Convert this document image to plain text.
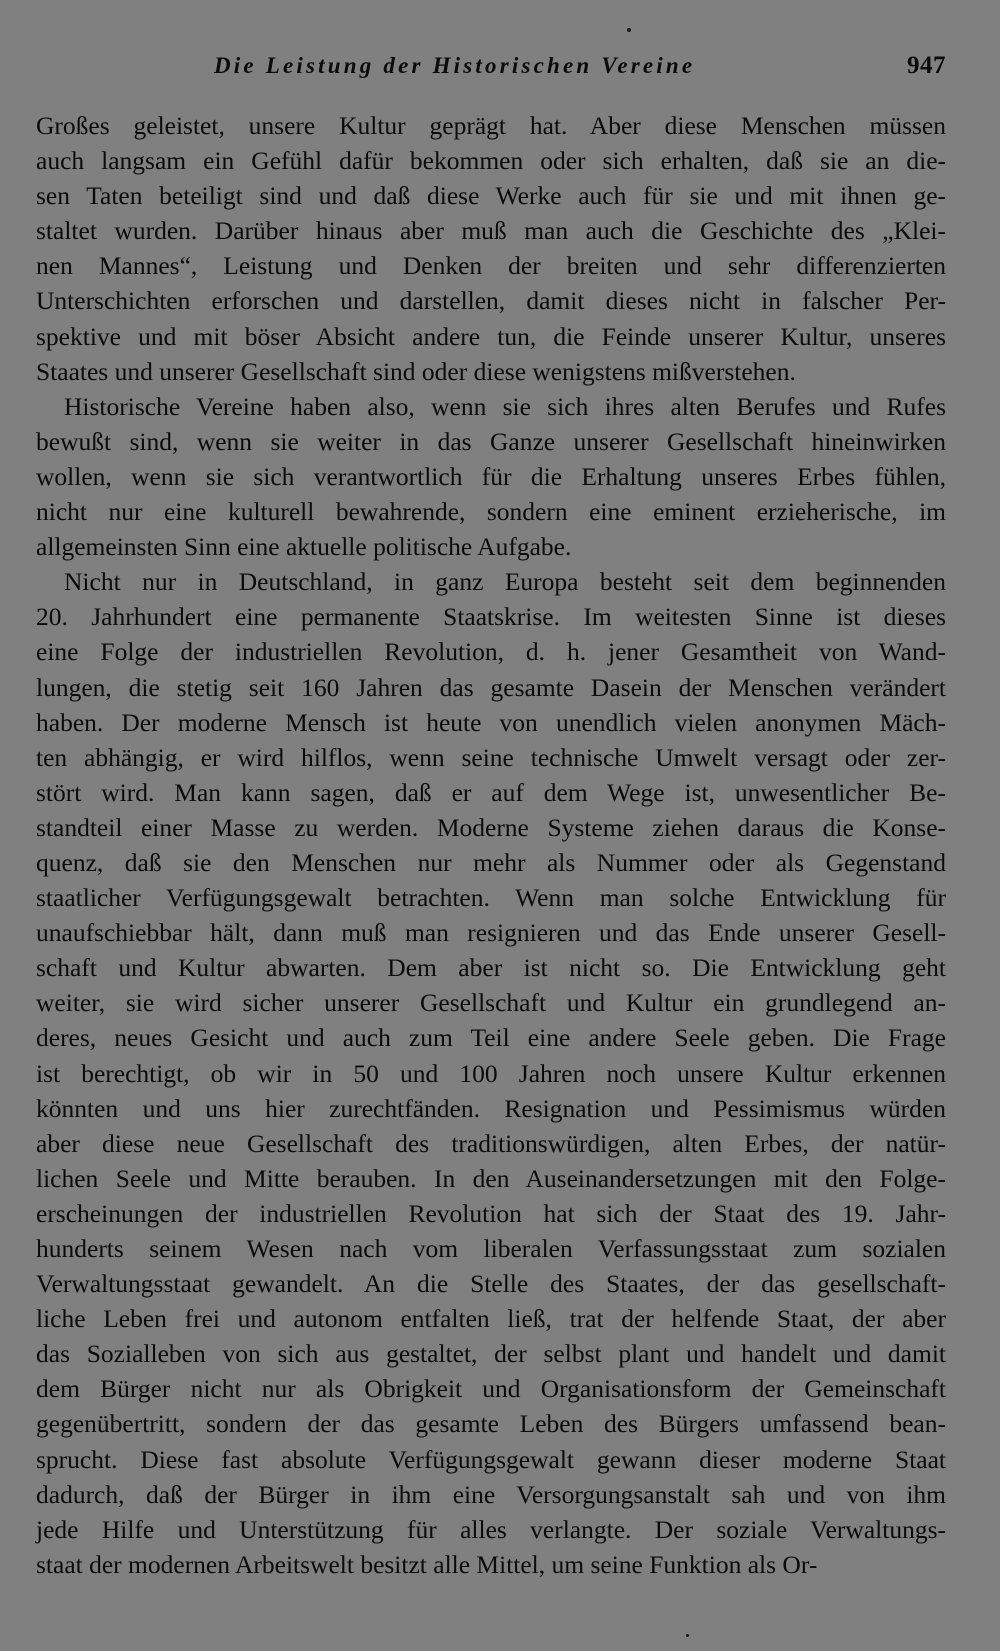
Die Leistung der Historischen Vereine	947
Großes geleistet, unsere Kultur geprägt hat. Aber diese Menschen müssen
auch langsam ein Gefühl dafür bekommen oder sich erhalten, daß sie an die-
sen Taten beteiligt sind und daß diese Werke auch für sie und mit ihnen ge-
staltet wurden. Darüber hinaus aber muß man auch die Geschichte des „Klei-
nen Mannes“, Leistung und Denken der breiten und sehr differenzierten
Unterschichten erforschen und darstellen, damit dieses nicht in falscher Per-
spektive und mit böser Absicht andere tun, die Feinde unserer Kultur, unseres
Staates und unserer Gesellschaft sind oder diese wenigstens mißverstehen.
Historische Vereine haben also, wenn sie sich ihres alten Berufes und Rufes
bewußt sind, wenn sie weiter in das Ganze unserer Gesellschaft hineinwirken
wollen, wenn sie sich verantwortlich für die Erhaltung unseres Erbes fühlen,
nicht nur eine kulturell bewahrende, sondern eine eminent erzieherische, im
allgemeinsten Sinn eine aktuelle politische Aufgabe.
Nicht nur in Deutschland, in ganz Europa besteht seit dem beginnenden
20. Jahrhundert eine permanente Staatskrise. Im weitesten Sinne ist dieses
eine Folge der industriellen Revolution, d. h. jener Gesamtheit von Wand-
lungen, die stetig seit 160 Jahren das gesamte Dasein der Menschen verändert
haben. Der moderne Mensch ist heute von unendlich vielen anonymen Mäch-
ten abhängig, er wird hilflos, wenn seine technische Umwelt versagt oder zer-
stört wird. Man kann sagen, daß er auf dem Wege ist, unwesentlicher Be-
standteil einer Masse zu werden. Moderne Systeme ziehen daraus die Konse-
quenz, daß sie den Menschen nur mehr als Nummer oder als Gegenstand
staatlicher Verfügungsgewalt betrachten. Wenn man solche Entwicklung für
unaufschiebbar hält, dann muß man resignieren und das Ende unserer Gesell-
schaft und Kultur abwarten. Dem aber ist nicht so. Die Entwicklung geht
weiter, sie wird sicher unserer Gesellschaft und Kultur ein grundlegend an-
deres, neues Gesicht und auch zum Teil eine andere Seele geben. Die Frage
ist berechtigt, ob wir in 50 und 100 Jahren noch unsere Kultur erkennen
könnten und uns hier zurechtfänden. Resignation und Pessimismus würden
aber diese neue Gesellschaft des traditionswürdigen, alten Erbes, der natür-
lichen Seele und Mitte berauben. In den Auseinandersetzungen mit den Folge-
erscheinungen der industriellen Revolution hat sich der Staat des 19. Jahr-
hunderts seinem Wesen nach vom liberalen Verfassungsstaat zum sozialen
Verwaltungsstaat gewandelt. An die Stelle des Staates, der das gesellschaft-
liche Leben frei und autonom entfalten ließ, trat der helfende Staat, der aber
das Sozialleben von sich aus gestaltet, der selbst plant und handelt und damit
dem Bürger nicht nur als Obrigkeit und Organisationsform der Gemeinschaft
gegenübertritt, sondern der das gesamte Leben des Bürgers umfassend bean-
sprucht. Diese fast absolute Verfügungsgewalt gewann dieser moderne Staat
dadurch, daß der Bürger in ihm eine Versorgungsanstalt sah und von ihm
jede Hilfe und Unterstützung für alles verlangte. Der soziale Verwaltungs-
staat der modernen Arbeitswelt besitzt alle Mittel, um seine Funktion als Or-
